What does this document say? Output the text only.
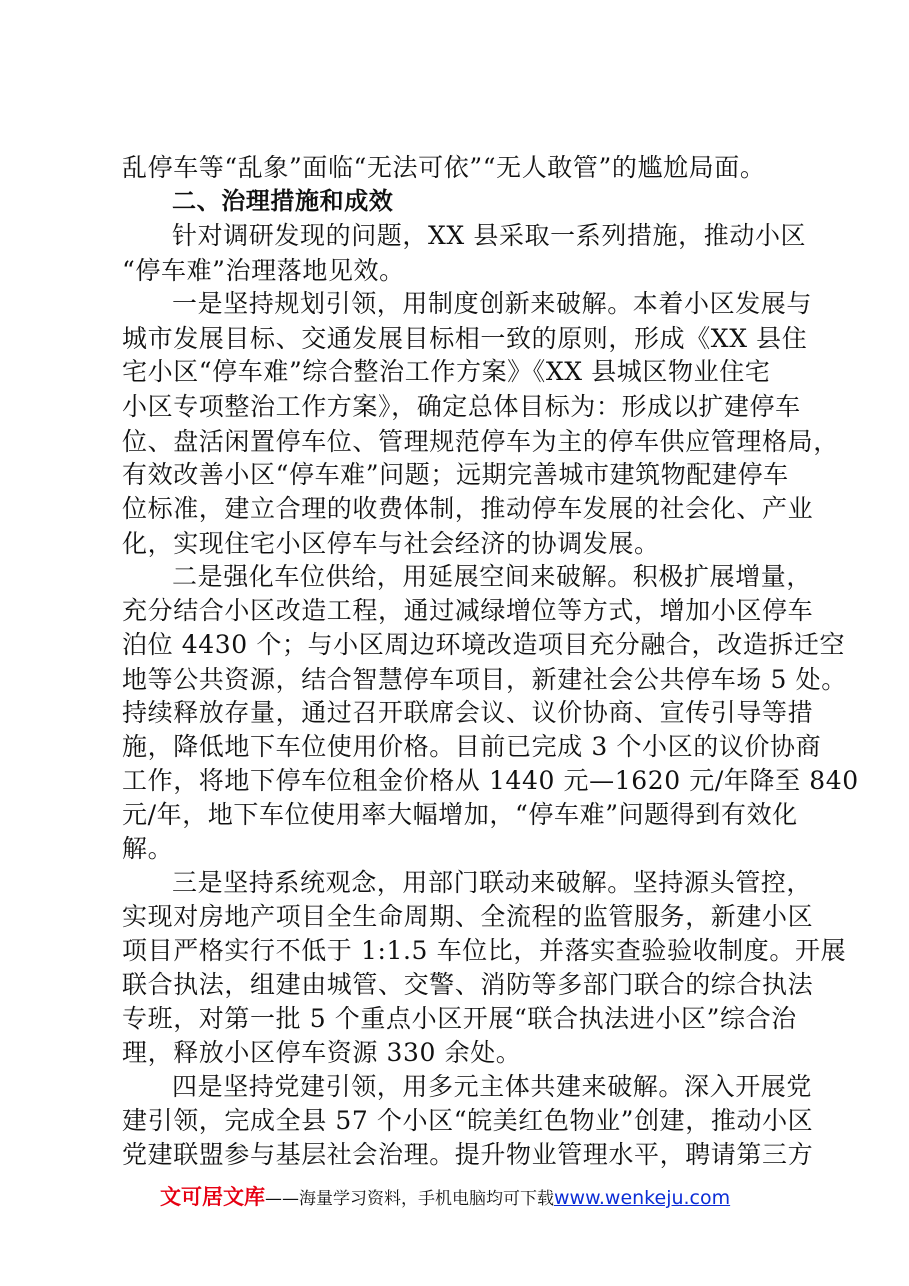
乱停车等“乱象”面临“无法可依”“无人敢管”的尴尬局面。
二、治理措施和成效
针对调研发现的问题，XX 县采取一系列措施，推动小区
“停车难”治理落地见效。
一是坚持规划引领，用制度创新来破解。本着小区发展与
城市发展目标、交通发展目标相一致的原则，形成《XX 县住
宅小区“停车难”综合整治工作方案》《XX 县城区物业住宅
小区专项整治工作方案》，确定总体目标为：形成以扩建停车
位、盘活闲置停车位、管理规范停车为主的停车供应管理格局，
有效改善小区“停车难”问题；远期完善城市建筑物配建停车
位标准，建立合理的收费体制，推动停车发展的社会化、产业
化，实现住宅小区停车与社会经济的协调发展。
二是强化车位供给，用延展空间来破解。积极扩展增量，
充分结合小区改造工程，通过减绿增位等方式，增加小区停车
泊位 4430 个；与小区周边环境改造项目充分融合，改造拆迁空
地等公共资源，结合智慧停车项目，新建社会公共停车场 5 处。
持续释放存量，通过召开联席会议、议价协商、宣传引导等措
施，降低地下车位使用价格。目前已完成 3 个小区的议价协商
工作，将地下停车位租金价格从 1440 元—1620 元/年降至 840
元/年，地下车位使用率大幅增加，“停车难”问题得到有效化
解。
三是坚持系统观念，用部门联动来破解。坚持源头管控，
实现对房地产项目全生命周期、全流程的监管服务，新建小区
项目严格实行不低于 1:1.5 车位比，并落实查验验收制度。开展
联合执法，组建由城管、交警、消防等多部门联合的综合执法
专班，对第一批 5 个重点小区开展“联合执法进小区”综合治
理，释放小区停车资源 330 余处。
四是坚持党建引领，用多元主体共建来破解。深入开展党
建引领，完成全县 57 个小区“皖美红色物业”创建，推动小区
党建联盟参与基层社会治理。提升物业管理水平，聘请第三方
文可居文库——海量学习资料，手机电脑均可下载www.wenkeju.com
